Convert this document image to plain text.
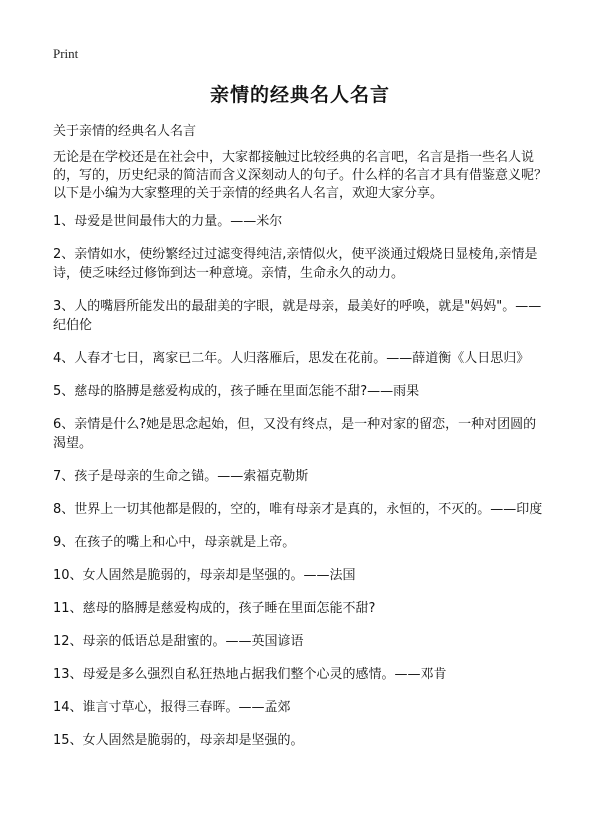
Print
亲情的经典名人名言

关于亲情的经典名人名言

无论是在学校还是在社会中，大家都接触过比较经典的名言吧，名言是指一些名人说的，写的，历史纪录的简洁而含义深刻动人的句子。什么样的名言才具有借鉴意义呢？以下是小编为大家整理的关于亲情的经典名人名言，欢迎大家分享。

1、母爱是世间最伟大的力量。——米尔
2、亲情如水，使纷繁经过过滤变得纯洁,亲情似火，使平淡通过煅烧日显棱角,亲情是诗，使乏味经过修饰到达一种意境。亲情，生命永久的动力。
3、人的嘴唇所能发出的最甜美的字眼，就是母亲，最美好的呼唤，就是"妈妈"。——纪伯伦
4、人春才七日，离家已二年。人归落雁后，思发在花前。——薛道衡《人日思归》
5、慈母的胳膊是慈爱构成的，孩子睡在里面怎能不甜?——雨果
6、亲情是什么?她是思念起始，但，又没有终点，是一种对家的留恋，一种对团圆的渴望。
7、孩子是母亲的生命之锚。——索福克勒斯
8、世界上一切其他都是假的，空的，唯有母亲才是真的，永恒的，不灭的。——印度
9、在孩子的嘴上和心中，母亲就是上帝。
10、女人固然是脆弱的，母亲却是坚强的。——法国
11、慈母的胳膊是慈爱构成的，孩子睡在里面怎能不甜?
12、母亲的低语总是甜蜜的。——英国谚语
13、母爱是多么强烈自私狂热地占据我们整个心灵的感情。——邓肯
14、谁言寸草心，报得三春晖。——孟郊
15、女人固然是脆弱的，母亲却是坚强的。
